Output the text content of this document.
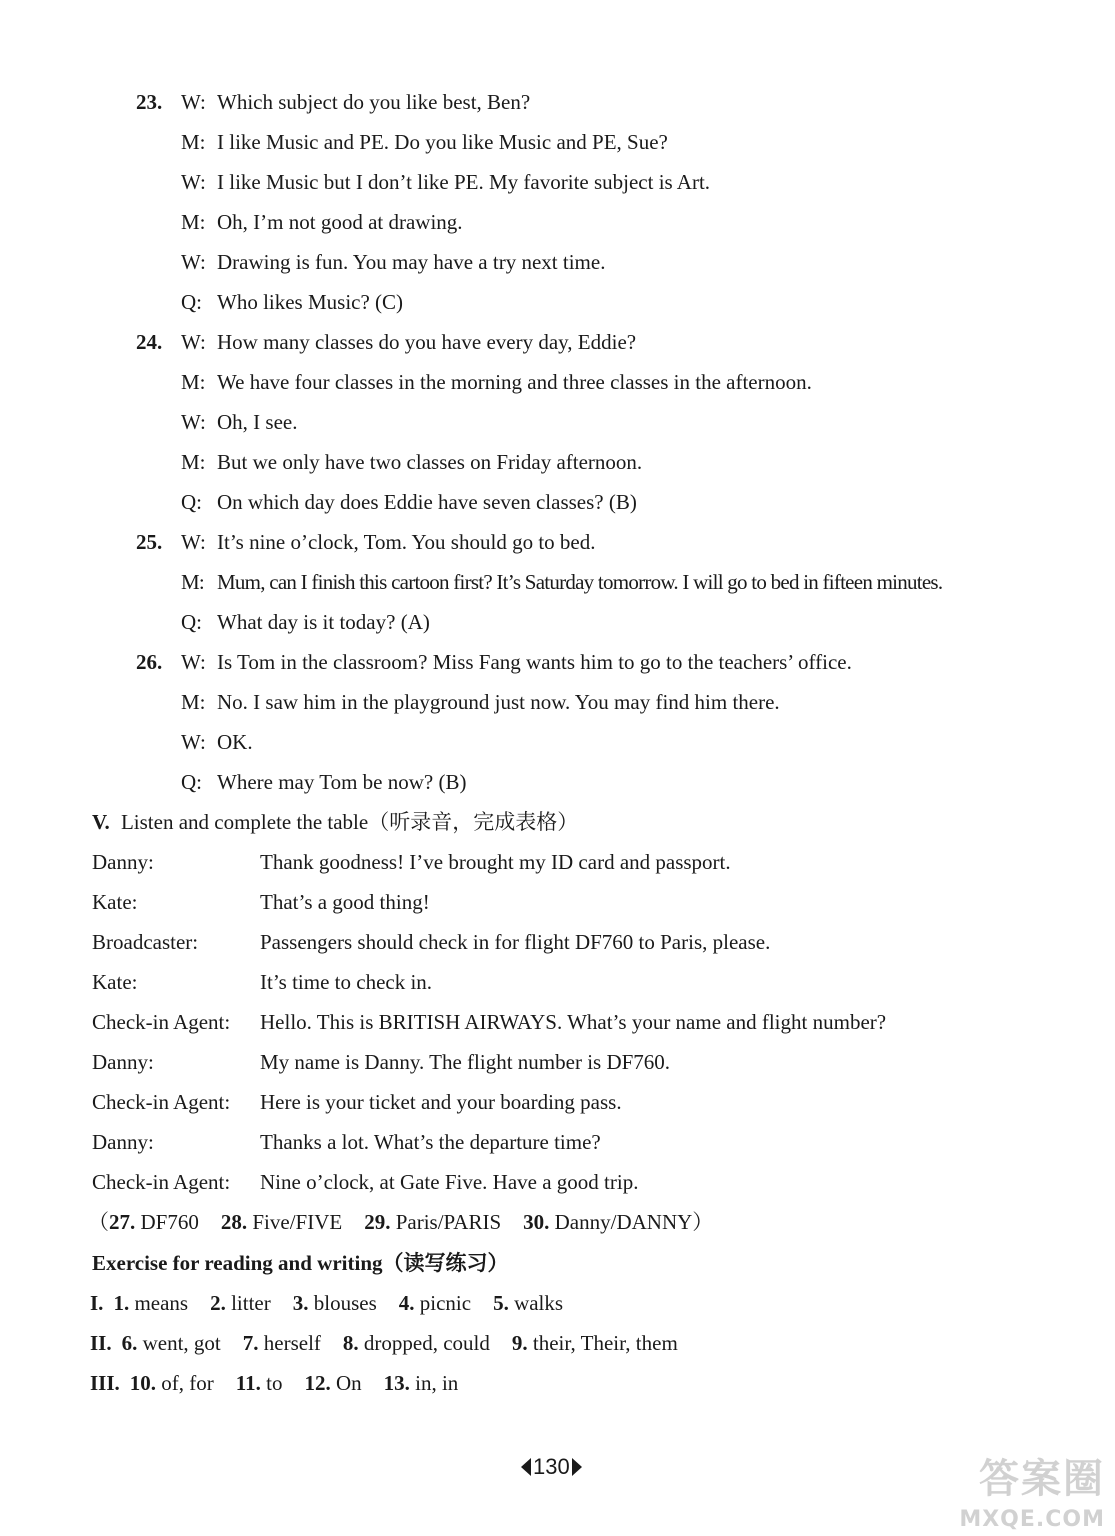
23. W: Which subject do you like best, Ben?
M: I like Music and PE. Do you like Music and PE, Sue?
W: I like Music but I don’t like PE. My favorite subject is Art.
M: Oh, I’m not good at drawing.
W: Drawing is fun. You may have a try next time.
Q: Who likes Music? (C)
24. W: How many classes do you have every day, Eddie?
M: We have four classes in the morning and three classes in the afternoon.
W: Oh, I see.
M: But we only have two classes on Friday afternoon.
Q: On which day does Eddie have seven classes? (B)
25. W: It’s nine o’clock, Tom. You should go to bed.
M: Mum, can I finish this cartoon first? It’s Saturday tomorrow. I will go to bed in fifteen minutes.
Q: What day is it today? (A)
26. W: Is Tom in the classroom? Miss Fang wants him to go to the teachers’ office.
M: No. I saw him in the playground just now. You may find him there.
W: OK.
Q: Where may Tom be now? (B)
V. Listen and complete the table（听录音，完成表格）
Danny:	Thank goodness! I’ve brought my ID card and passport.
Kate:	That’s a good thing!
Broadcaster:	Passengers should check in for flight DF760 to Paris, please.
Kate:	It’s time to check in.
Check-in Agent: Hello. This is BRITISH AIRWAYS. What’s your name and flight number?
Danny:	My name is Danny. The flight number is DF760.
Check-in Agent: Here is your ticket and your boarding pass.
Danny:	Thanks a lot. What’s the departure time?
Check-in Agent: Nine o’clock, at Gate Five. Have a good trip.
（27. DF760 28. Five/FIVE 29. Paris/PARIS 30. Danny/DANNY）
Exercise for reading and writing（读写练习）
I. 1. means 2. litter 3. blouses 4. picnic 5. walks
II. 6. went, got 7. herself 8. dropped, could 9. their, Their, them
III. 10. of, for 11. to 12. On 13. in, in
130	答案圈
MXQE.COM
